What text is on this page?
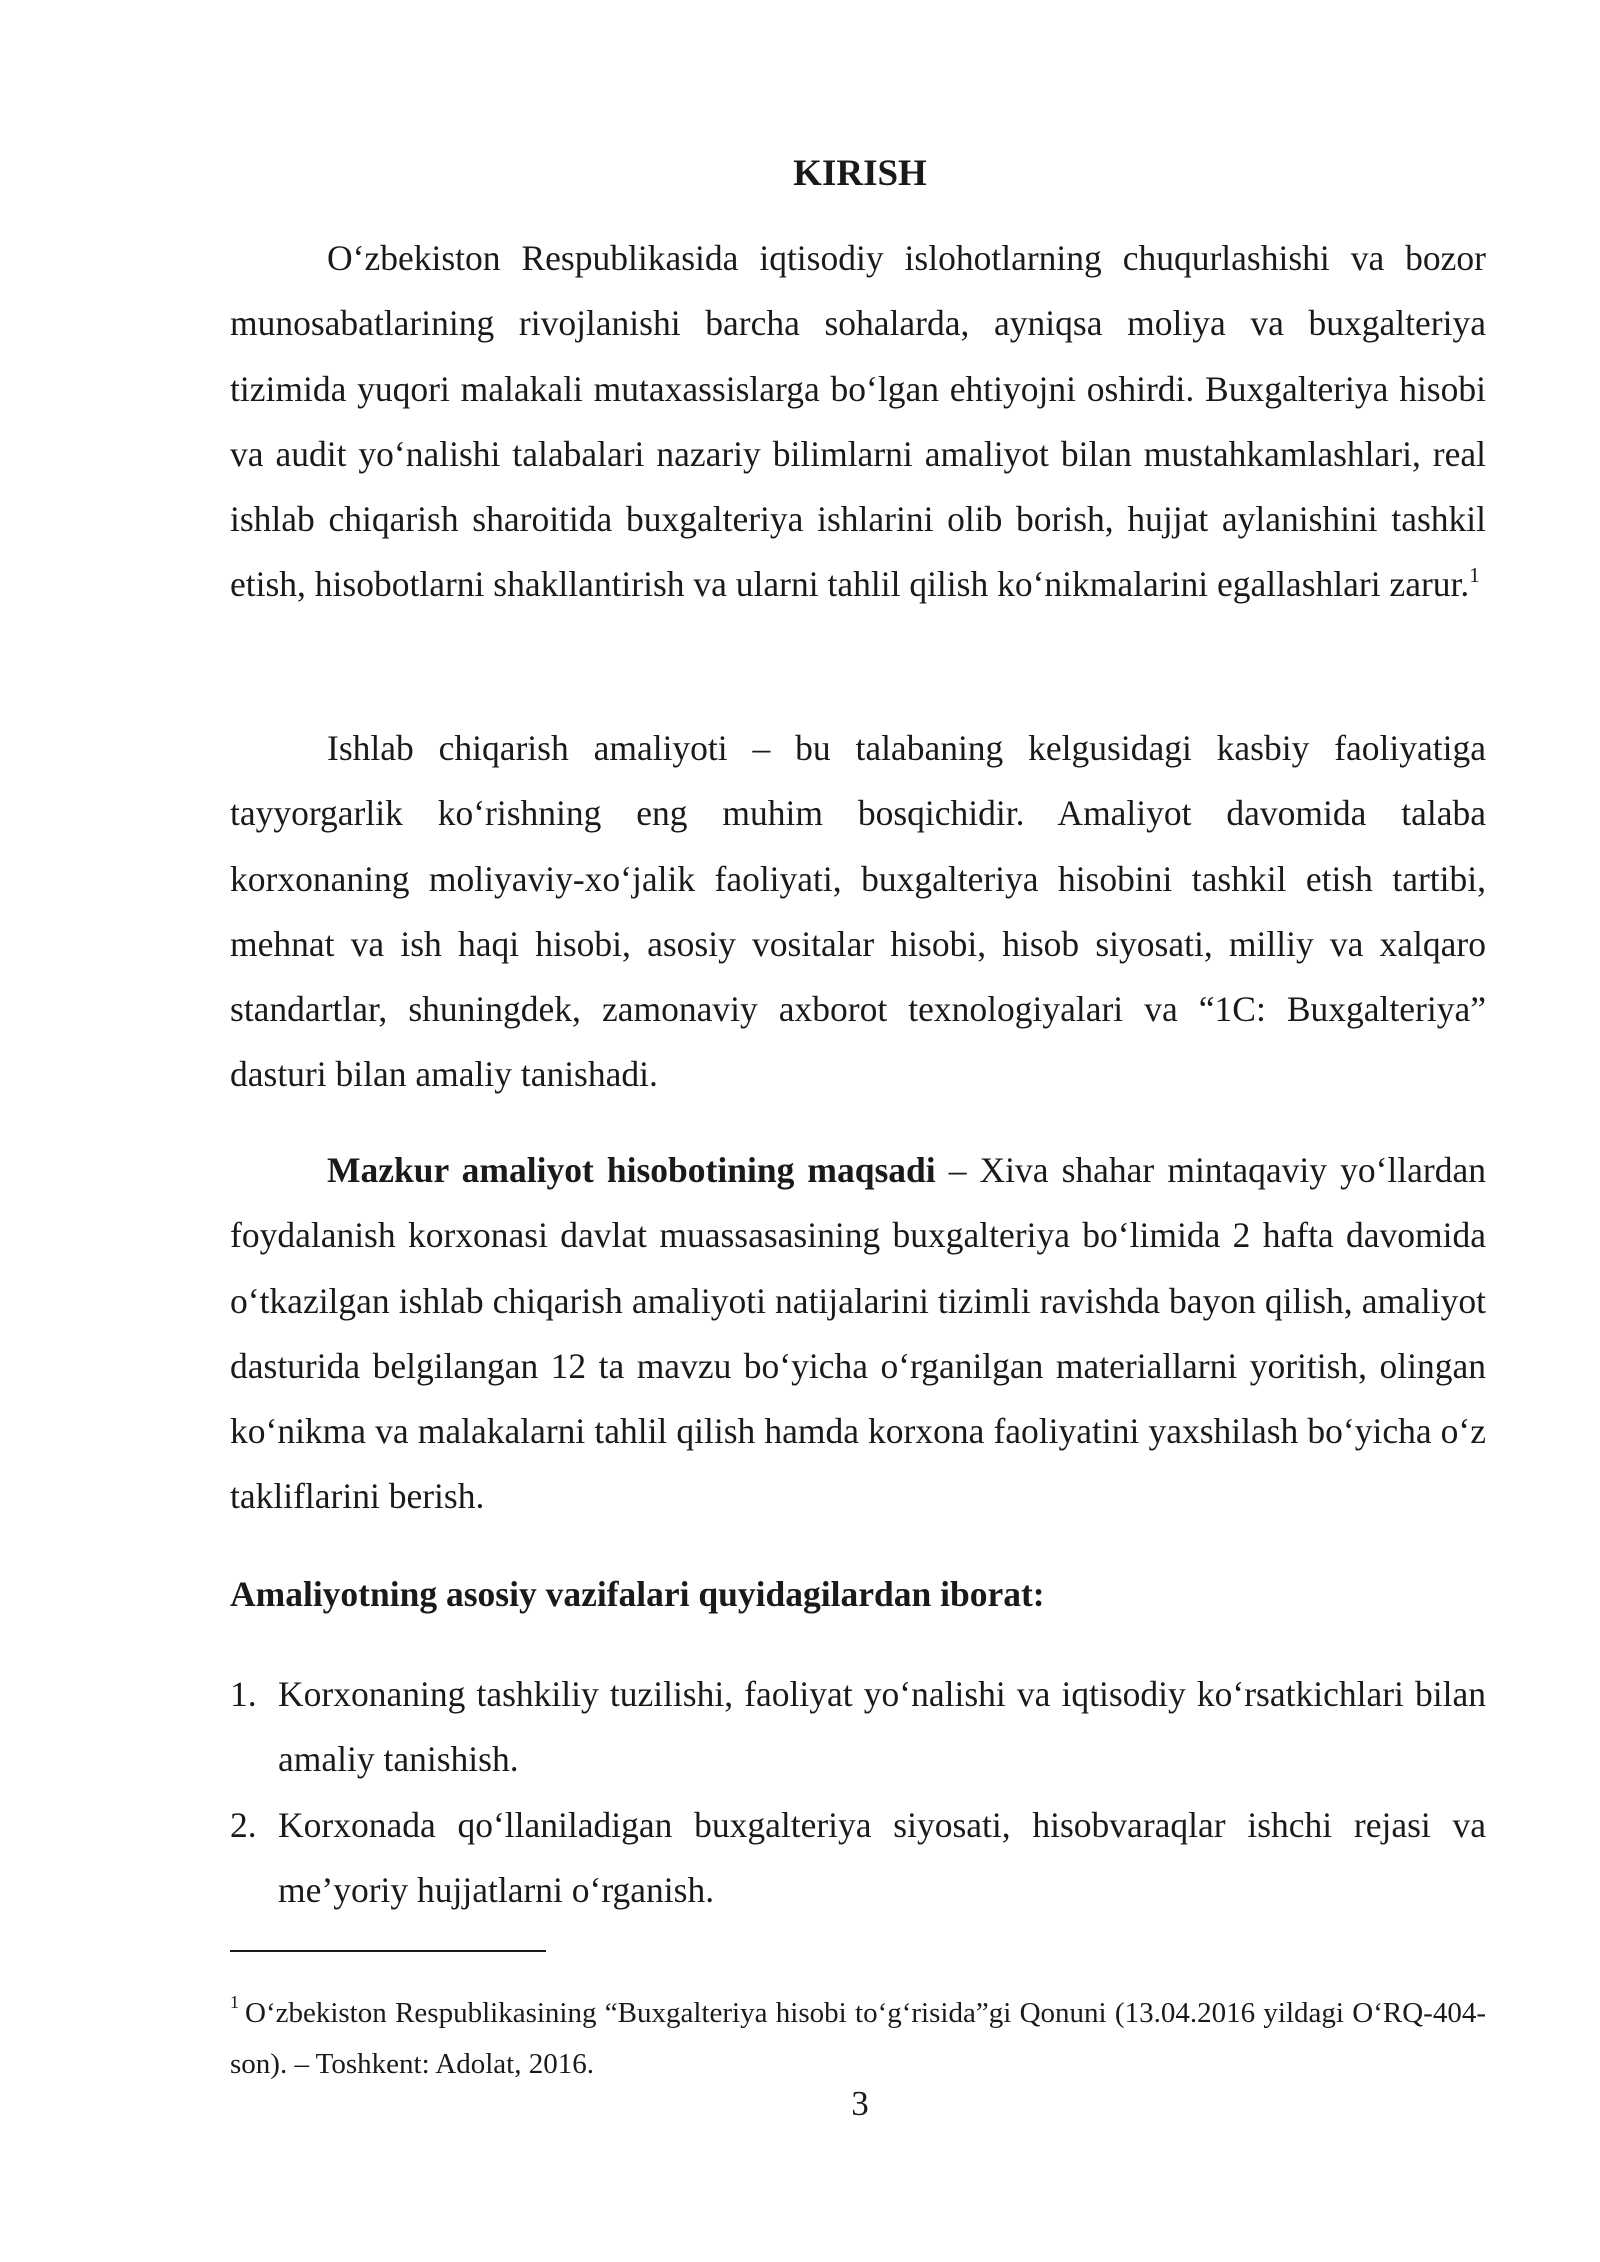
KIRISH

O‘zbekiston Respublikasida iqtisodiy islohotlarning chuqurlashishi va bozor munosabatlarining rivojlanishi barcha sohalarda, ayniqsa moliya va buxgalteriya tizimida yuqori malakali mutaxassislarga bo‘lgan ehtiyojni oshirdi. Buxgalteriya hisobi va audit yo‘nalishi talabalari nazariy bilimlarni amaliyot bilan mustahkamlashlari, real ishlab chiqarish sharoitida buxgalteriya ishlarini olib borish, hujjat aylanishini tashkil etish, hisobotlarni shakllantirish va ularni tahlil qilish ko‘nikmalarini egallashlari zarur.$^1$

Ishlab chiqarish amaliyoti – bu talabaning kelgusidagi kasbiy faoliyatiga tayyorgarlik ko‘rishning eng muhim bosqichidir. Amaliyot davomida talaba korxonaning moliyaviy-xo‘jalik faoliyati, buxgalteriya hisobini tashkil etish tartibi, mehnat va ish haqi hisobi, asosiy vositalar hisobi, hisob siyosati, milliy va xalqaro standartlar, shuningdek, zamonaviy axborot texnologiyalari va “1C: Buxgalteriya” dasturi bilan amaliy tanishadi.

Mazkur amaliyot hisobotining maqsadi – Xiva shahar mintaqaviy yo‘llardan foydalanish korxonasi davlat muassasasining buxgalteriya bo‘limida 2 hafta davomida o‘tkazilgan ishlab chiqarish amaliyoti natijalarini tizimli ravishda bayon qilish, amaliyot dasturida belgilangan 12 ta mavzu bo‘yicha o‘rganilgan materiallarni yoritish, olingan ko‘nikma va malakalarni tahlil qilish hamda korxona faoliyatini yaxshilash bo‘yicha o‘z takliflarini berish.

Amaliyotning asosiy vazifalari quyidagilardan iborat:

1. Korxonaning tashkiliy tuzilishi, faoliyat yo‘nalishi va iqtisodiy ko‘rsatkichlari bilan amaliy tanishish.
2. Korxonada qo‘llaniladigan buxgalteriya siyosati, hisobvaraqlar ishchi rejasi va me’yoriy hujjatlarni o‘rganish.

$^1$ O‘zbekiston Respublikasining “Buxgalteriya hisobi to‘g‘risida”gi Qonuni (13.04.2016 yildagi O‘RQ-404-son). – Toshkent: Adolat, 2016.

3
